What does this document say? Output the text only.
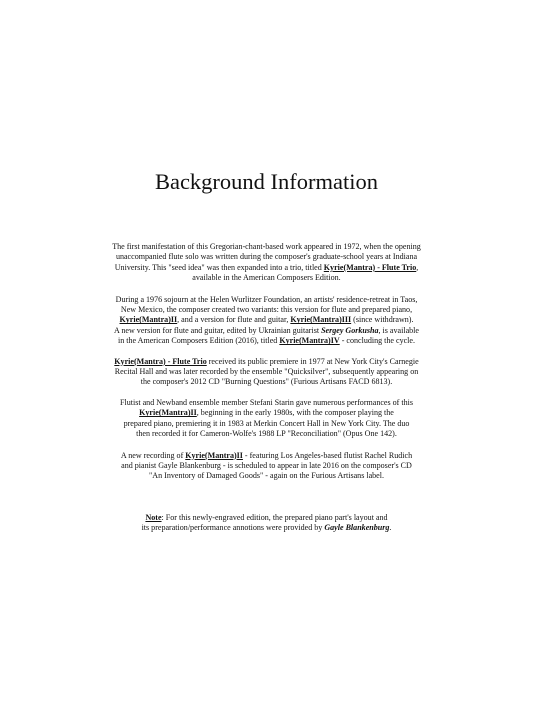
Background Information

The first manifestation of this Gregorian-chant-based work appeared in 1972, when the opening
unaccompanied flute solo was written during the composer's graduate-school years at Indiana
University. This "seed idea" was then expanded into a trio, titled Kyrie(Mantra) - Flute Trio,
available in the American Composers Edition.

During a 1976 sojourn at the Helen Wurlitzer Foundation, an artists' residence-retreat in Taos,
New Mexico, the composer created two variants: this version for flute and prepared piano,
Kyrie(Mantra)II, and a version for flute and guitar, Kyrie(Mantra)III (since withdrawn).
A new version for flute and guitar, edited by Ukrainian guitarist Sergey Gorkusha, is available
in the American Composers Edition (2016), titled Kyrie(Mantra)IV - concluding the cycle.

Kyrie(Mantra) - Flute Trio received its public premiere in 1977 at New York City's Carnegie
Recital Hall and was later recorded by the ensemble "Quicksilver", subsequently appearing on
the composer's 2012 CD "Burning Questions" (Furious Artisans FACD 6813).

Flutist and Newband ensemble member Stefani Starin gave numerous performances of this
Kyrie(Mantra)II, beginning in the early 1980s, with the composer playing the
prepared piano, premiering it in 1983 at Merkin Concert Hall in New York City. The duo
then recorded it for Cameron-Wolfe's 1988 LP "Reconciliation" (Opus One 142).

A new recording of Kyrie(Mantra)II - featuring Los Angeles-based flutist Rachel Rudich
and pianist Gayle Blankenburg - is scheduled to appear in late 2016 on the composer's CD
"An Inventory of Damaged Goods" - again on the Furious Artisans label.

Note: For this newly-engraved edition, the prepared piano part's layout and
its preparation/performance annotions were provided by Gayle Blankenburg.
